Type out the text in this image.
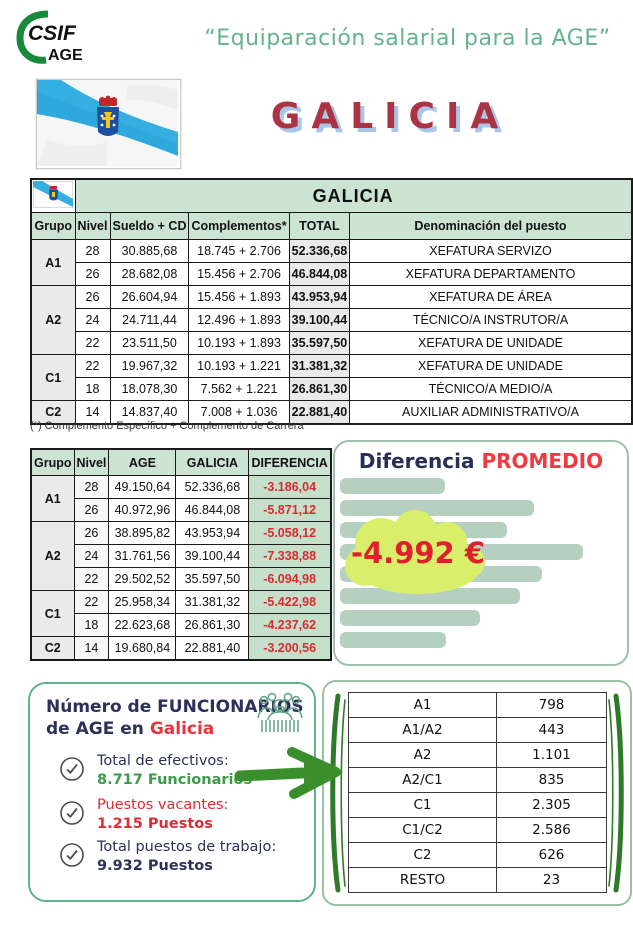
CSIF
AGE
“Equiparación salarial para la AGE”
GALICIA
	GALICIA				
Grupo	Nivel	Sueldo + CD	Complementos*	TOTAL	Denominación del puesto
A1	28	30.885,68	18.745 + 2.706	52.336,68	XEFATURA SERVIZO
	26	28.682,08	15.456 + 2.706	46.844,08	XEFATURA DEPARTAMENTO
A2	26	26.604,94	15.456 + 1.893	43.953,94	XEFATURA DE ÁREA
	24	24.711,44	12.496 + 1.893	39.100,44	TÉCNICO/A INSTRUTOR/A
	22	23.511,50	10.193 + 1.893	35.597,50	XEFATURA DE UNIDADE
C1	22	19.967,32	10.193 + 1.221	31.381,32	XEFATURA DE UNIDADE
	18	18.078,30	7.562 + 1.221	26.861,30	TÉCNICO/A MEDIO/A
C2	14	14.837,40	7.008 + 1.036	22.881,40	AUXILIAR ADMINISTRATIVO/A
(*) Complemento Específico + Complemento de Carrera
Grupo	Nivel	AGE	GALICIA	DIFERENCIA
A1	28	49.150,64	52.336,68	-3.186,04
	26	40.972,96	46.844,08	-5.871,12
A2	26	38.895,82	43.953,94	-5.058,12
	24	31.761,56	39.100,44	-7.338,88
	22	29.502,52	35.597,50	-6.094,98
C1	22	25.958,34	31.381,32	-5.422,98
	18	22.623,68	26.861,30	-4.237,62
C2	14	19.680,84	22.881,40	-3.200,56
Diferencia PROMEDIO
-4.992 €
Número de FUNCIONARIOS
de AGE en Galicia
Total de efectivos:
8.717 Funcionarios
Puestos vacantes:
1.215 Puestos
Total puestos de trabajo:
9.932 Puestos
A1	798
A1/A2	443
A2	1.101
A2/C1	835
C1	2.305
C1/C2	2.586
C2	626
RESTO	23
